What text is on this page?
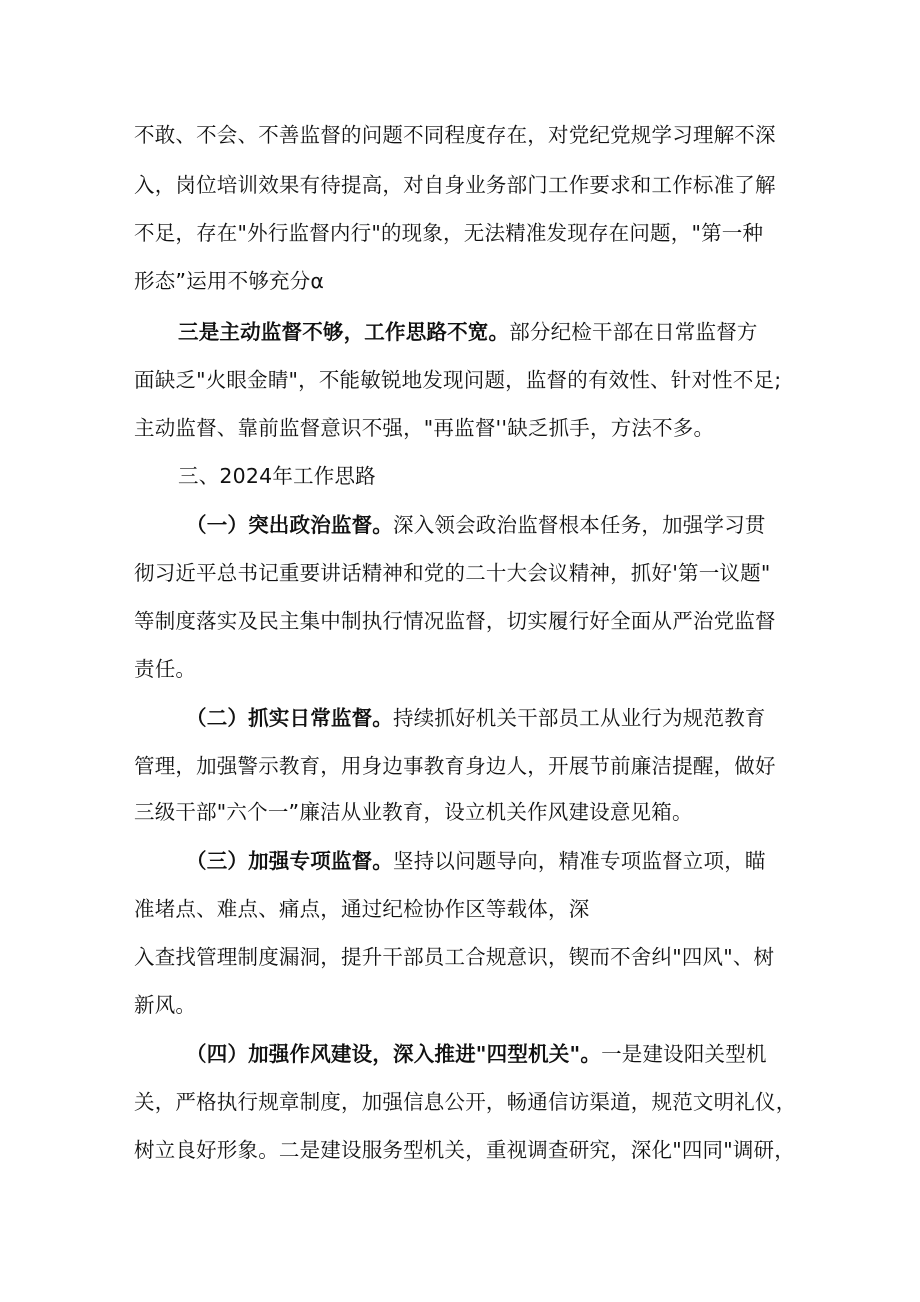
不敢、不会、不善监督的问题不同程度存在，对党纪党规学习理解不深
入，岗位培训效果有待提高，对自身业务部门工作要求和工作标准了解
不足，存在"外行监督内行"的现象，无法精准发现存在问题，"第一种
形态”运用不够充分α
三是主动监督不够，工作思路不宽。部分纪检干部在日常监督方
面缺乏"火眼金睛"，不能敏锐地发现问题，监督的有效性、针对性不足;
主动监督、靠前监督意识不强，"再监督''缺乏抓手，方法不多。
三、2024年工作思路
（一）突出政治监督。深入领会政治监督根本任务，加强学习贯
彻习近平总书记重要讲话精神和党的二十大会议精神，抓好'第一议题"
等制度落实及民主集中制执行情况监督，切实履行好全面从严治党监督
责任。
（二）抓实日常监督。持续抓好机关干部员工从业行为规范教育
管理，加强警示教育，用身边事教育身边人，开展节前廉洁提醒，做好
三级干部"六个一”廉洁从业教育，设立机关作风建设意见箱。
（三）加强专项监督。坚持以问题导向，精准专项监督立项，瞄
准堵点、难点、痛点，通过纪检协作区等载体，深
入查找管理制度漏洞，提升干部员工合规意识，锲而不舍纠"四风"、树
新风。
（四）加强作风建设，深入推进"四型机关"。一是建设阳关型机
关，严格执行规章制度，加强信息公开，畅通信访渠道，规范文明礼仪，
树立良好形象。二是建设服务型机关，重视调查研究，深化"四同"调研，
